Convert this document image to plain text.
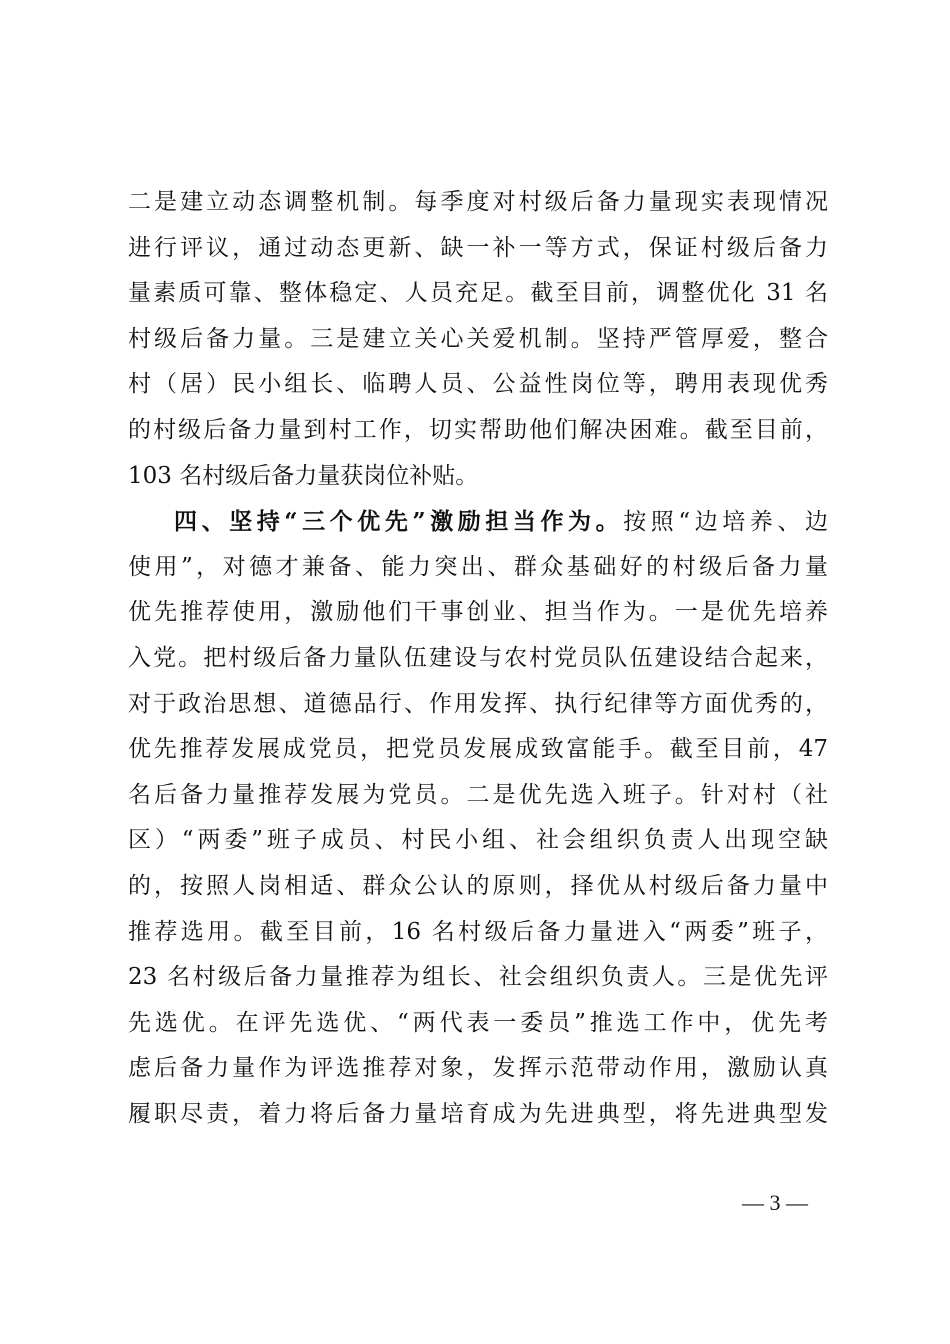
二是建立动态调整机制。每季度对村级后备力量现实表现情况
进行评议，通过动态更新、缺一补一等方式，保证村级后备力
量素质可靠、整体稳定、人员充足。截至目前，调整优化 31 名
村级后备力量。三是建立关心关爱机制。坚持严管厚爱，整合
村（居）民小组长、临聘人员、公益性岗位等，聘用表现优秀
的村级后备力量到村工作，切实帮助他们解决困难。截至目前，
103 名村级后备力量获岗位补贴。
四、坚持“三个优先”激励担当作为。按照“边培养、边
使用”，对德才兼备、能力突出、群众基础好的村级后备力量
优先推荐使用，激励他们干事创业、担当作为。一是优先培养
入党。把村级后备力量队伍建设与农村党员队伍建设结合起来，
对于政治思想、道德品行、作用发挥、执行纪律等方面优秀的，
优先推荐发展成党员，把党员发展成致富能手。截至目前，47
名后备力量推荐发展为党员。二是优先选入班子。针对村（社
区）“两委”班子成员、村民小组、社会组织负责人出现空缺
的，按照人岗相适、群众公认的原则，择优从村级后备力量中
推荐选用。截至目前，16 名村级后备力量进入“两委”班子，
23 名村级后备力量推荐为组长、社会组织负责人。三是优先评
先选优。在评先选优、“两代表一委员”推选工作中，优先考
虑后备力量作为评选推荐对象，发挥示范带动作用，激励认真
履职尽责，着力将后备力量培育成为先进典型，将先进典型发
— 3 —
